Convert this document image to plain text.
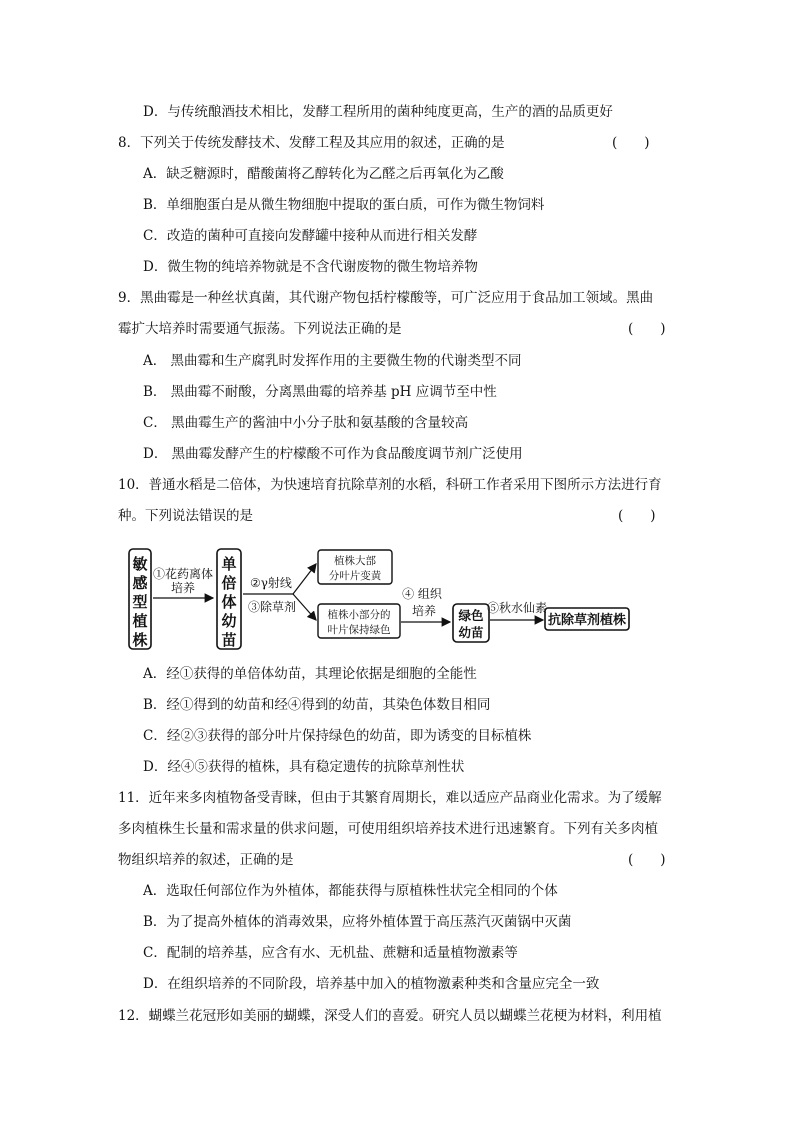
D．与传统酿酒技术相比，发酵工程所用的菌种纯度更高，生产的酒的品质更好
8．下列关于传统发酵技术、发酵工程及其应用的叙述，正确的是	(　　)
A．缺乏糖源时，醋酸菌将乙醇转化为乙醛之后再氧化为乙酸
B．单细胞蛋白是从微生物细胞中提取的蛋白质，可作为微生物饲料
C．改造的菌种可直接向发酵罐中接种从而进行相关发酵
D．微生物的纯培养物就是不含代谢废物的微生物培养物
9．黑曲霉是一种丝状真菌，其代谢产物包括柠檬酸等，可广泛应用于食品加工领域。黑曲
霉扩大培养时需要通气振荡。下列说法正确的是	(　　)
A． 黑曲霉和生产腐乳时发挥作用的主要微生物的代谢类型不同
B． 黑曲霉不耐酸，分离黑曲霉的培养基 pH 应调节至中性
C． 黑曲霉生产的酱油中小分子肽和氨基酸的含量较高
D． 黑曲霉发酵产生的柠檬酸不可作为食品酸度调节剂广泛使用
10．普通水稻是二倍体，为快速培育抗除草剂的水稻，科研工作者采用下图所示方法进行育
种。下列说法错误的是	(　　)
敏
感
型
植
株
①花药离体
培养
单
倍
体
幼
苗
②γ射线
③除草剂
植株大部
分叶片变黄
植株小部分的
叶片保持绿色
④ 组织
培养 绿色
幼苗
⑤秋水仙素
抗除草剂植株
A．经①获得的单倍体幼苗，其理论依据是细胞的全能性
B．经①得到的幼苗和经④得到的幼苗，其染色体数目相同
C．经②③获得的部分叶片保持绿色的幼苗，即为诱变的目标植株
D．经④⑤获得的植株，具有稳定遗传的抗除草剂性状
11．近年来多肉植物备受青睐，但由于其繁育周期长，难以适应产品商业化需求。为了缓解
多肉植株生长量和需求量的供求问题，可使用组织培养技术进行迅速繁育。下列有关多肉植
物组织培养的叙述，正确的是	(　　)
A．选取任何部位作为外植体，都能获得与原植株性状完全相同的个体
B．为了提高外植体的消毒效果，应将外植体置于高压蒸汽灭菌锅中灭菌
C．配制的培养基，应含有水、无机盐、蔗糖和适量植物激素等
D．在组织培养的不同阶段，培养基中加入的植物激素种类和含量应完全一致
12．蝴蝶兰花冠形如美丽的蝴蝶，深受人们的喜爱。研究人员以蝴蝶兰花梗为材料，利用植
